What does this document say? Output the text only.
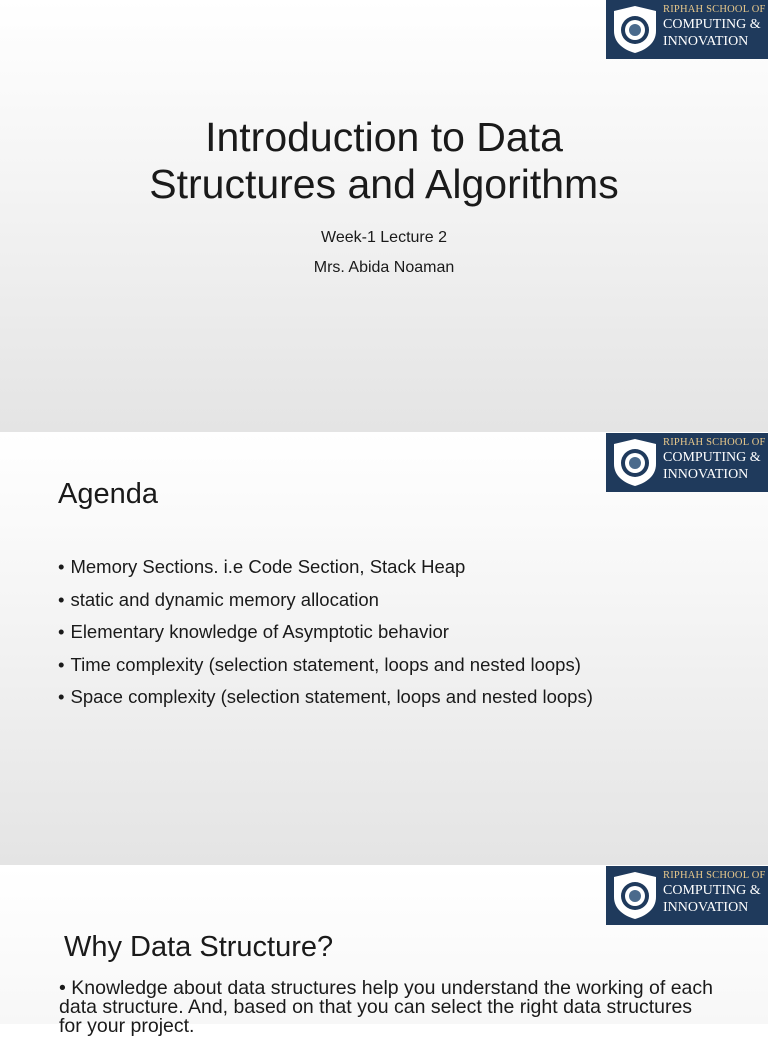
RIPHAH SCHOOL OF
COMPUTING &
INNOVATION
Introduction to Data
Structures and Algorithms
Week-1 Lecture 2
Mrs. Abida Noaman
RIPHAH SCHOOL OF
COMPUTING &
INNOVATION
Agenda
• Memory Sections. i.e Code Section, Stack Heap
• static and dynamic memory allocation
• Elementary knowledge of Asymptotic behavior
• Time complexity (selection statement, loops and nested loops)
• Space complexity (selection statement, loops and nested loops)
RIPHAH SCHOOL OF
COMPUTING &
INNOVATION
Why Data Structure?
• Knowledge about data structures help you understand the working of each data structure. And, based on that you can select the right data structures for your project.
